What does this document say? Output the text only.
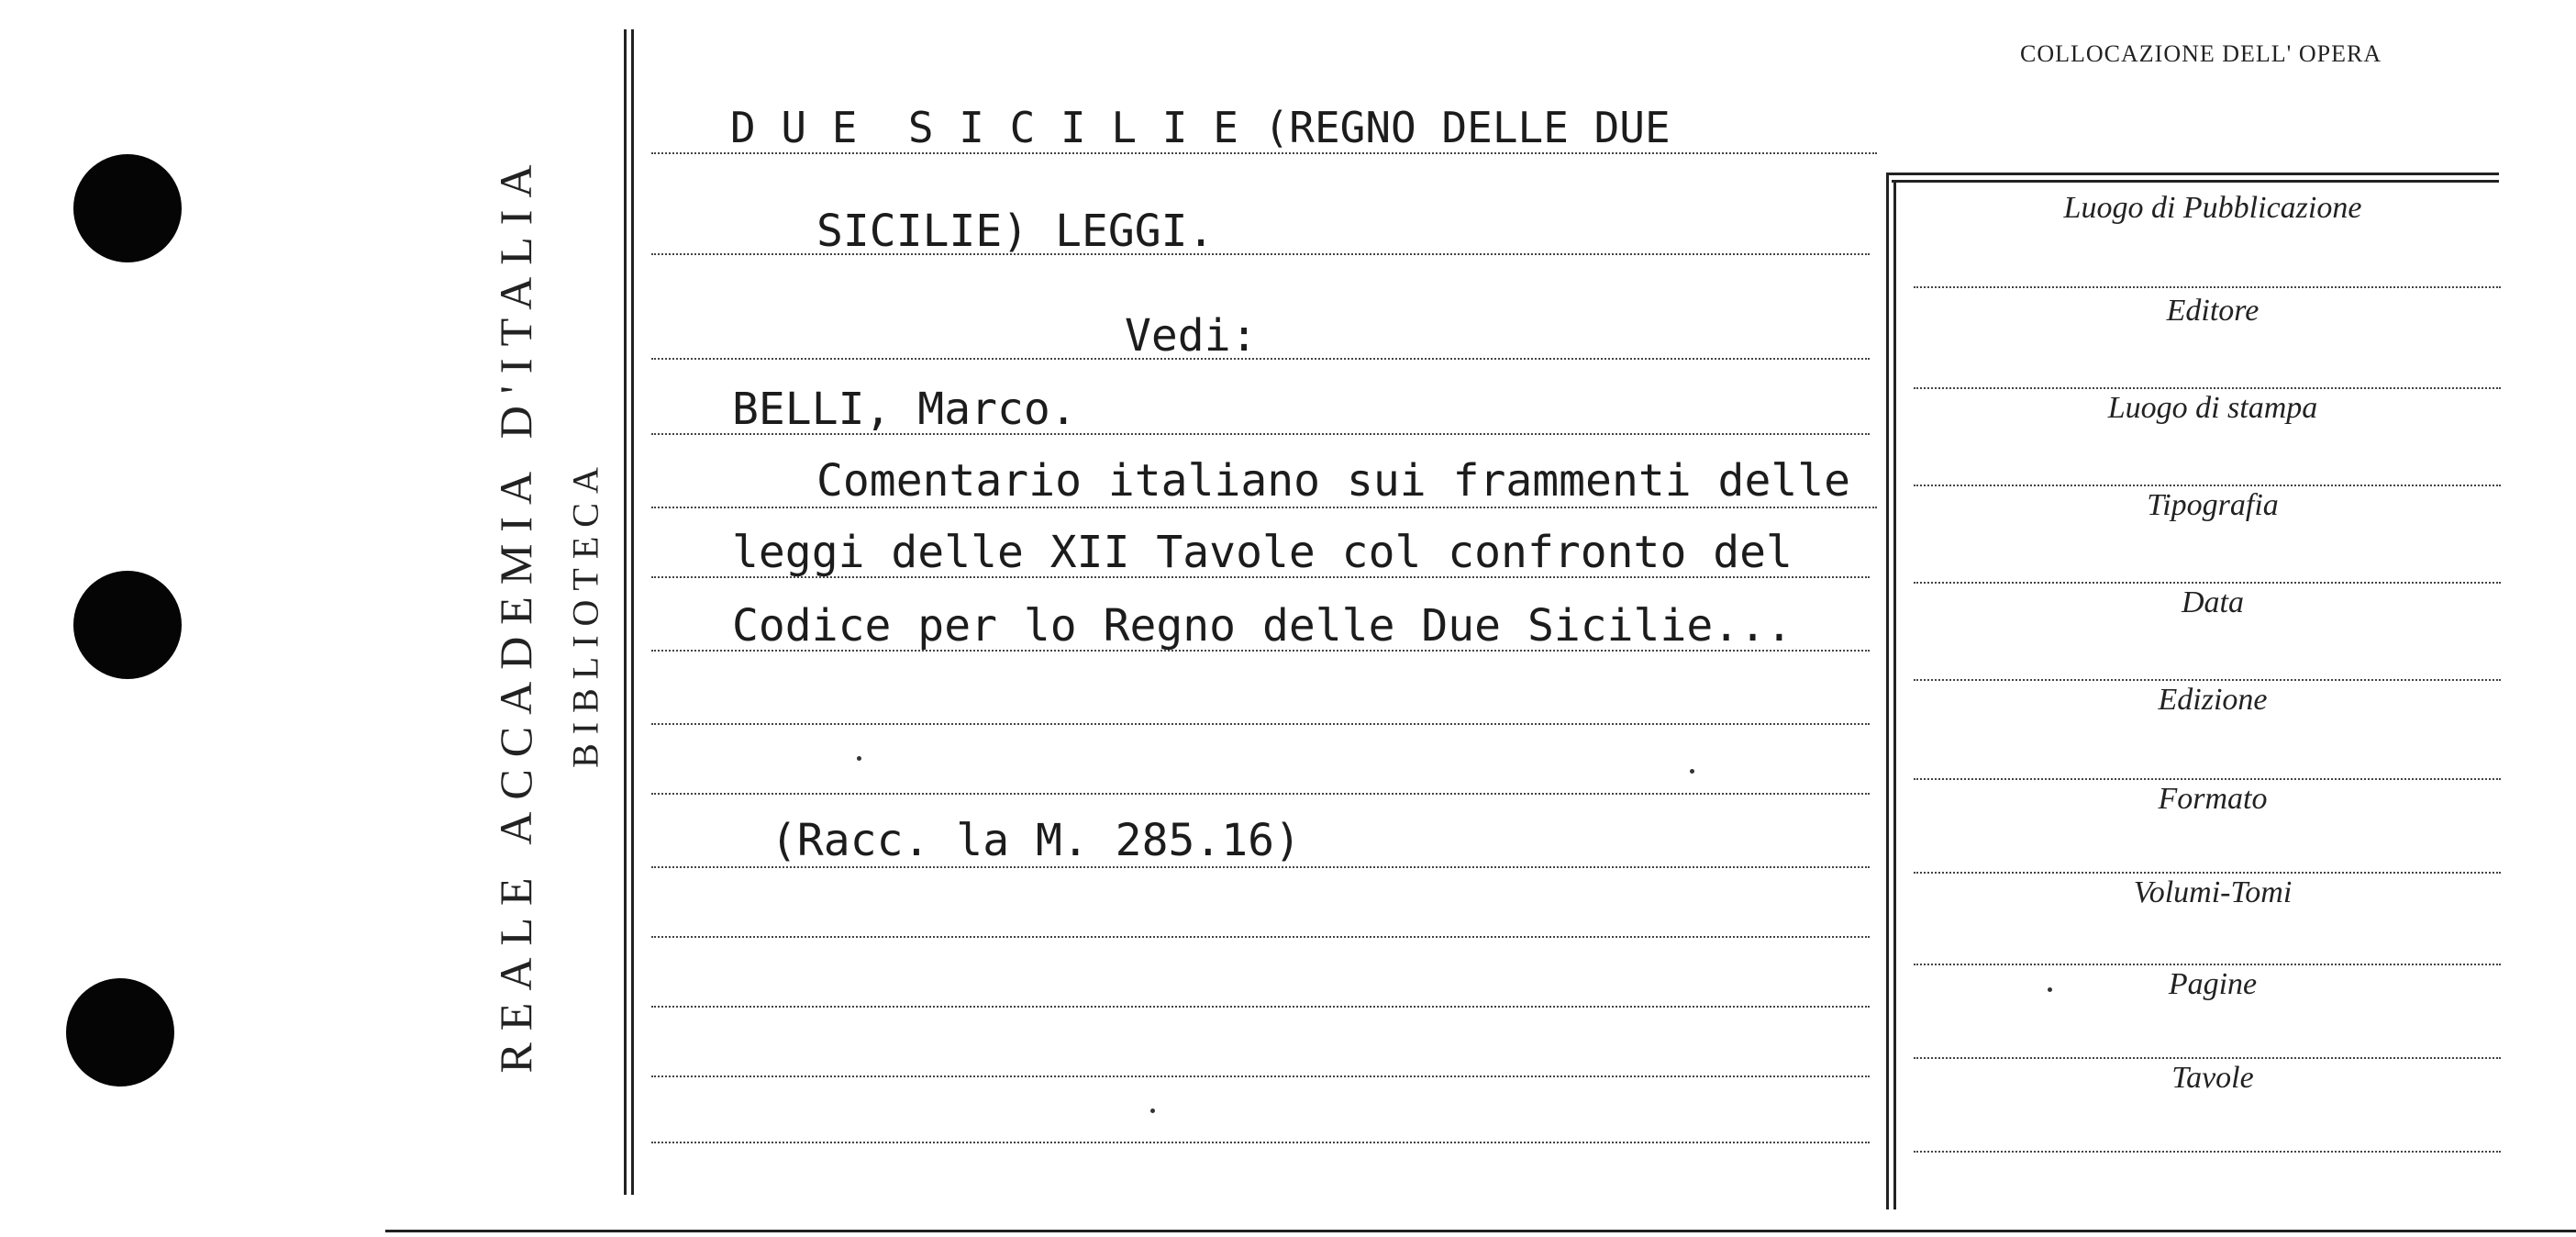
REALE ACCADEMIA D'ITALIA BIBLIOTECA
COLLOCAZIONE DELL' OPERA
D U E  S I C I L I E (REGNO DELLE DUE
SICILIE) LEGGI.
Vedi:
BELLI, Marco.
Comentario italiano sui frammenti delle
leggi delle XII Tavole col confronto del
Codice per lo Regno delle Due Sicilie...
(Racc. la M. 285.16)
Luogo di Pubblicazione
Editore
Luogo di stampa
Tipografia
Data
Edizione
Formato
Volumi-Tomi
Pagine
Tavole
